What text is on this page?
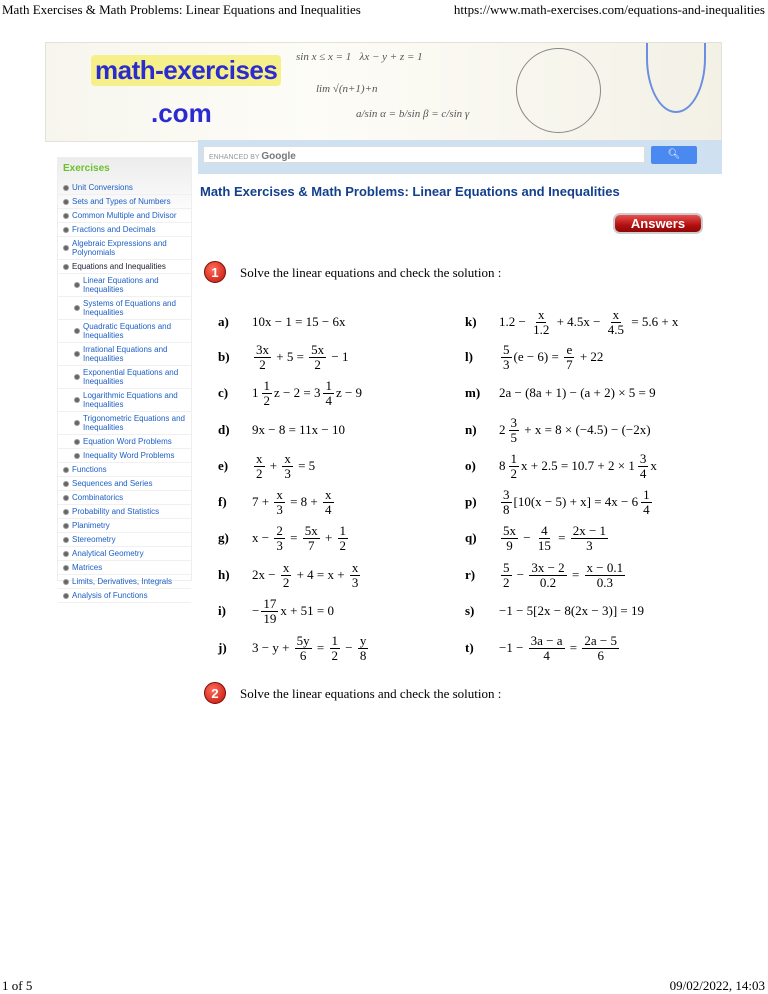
Math Exercises & Math Problems: Linear Equations and Inequalities	https://www.math-exercises.com/equations-and-inequalities
math-exercises
.com
sin x ≤ x = 1   λx − y + z = 1
lim √(n+1)+n
a/sin α = b/sin β = c/sin γ
Exercises
Unit Conversions
Sets and Types of Numbers
Common Multiple and Divisor
Fractions and Decimals
Algebraic Expressions and Polynomials
Equations and Inequalities
Linear Equations and Inequalities
Systems of Equations and Inequalities
Quadratic Equations and Inequalities
Irrational Equations and Inequalities
Exponential Equations and Inequalities
Logarithmic Equations and Inequalities
Trigonometric Equations and Inequalities
Equation Word Problems
Inequality Word Problems
Functions
Sequences and Series
Combinatorics
Probability and Statistics
Planimetry
Stereometry
Analytical Geometry
Matrices
Limits, Derivatives, Integrals
Analysis of Functions
ENHANCED BY Google	🔍︎
Math Exercises & Math Problems: Linear Equations and Inequalities
Answers
1	Solve the linear equations and check the solution :
a)	10x − 1 = 15 − 6x
b)	$\frac{3x}{2} + 5 = \frac{5x}{2} - 1$
c)	$1 \frac{1}{2}$ $z - 2 = 3 \frac{1}{4}$ z − 9
d)	9x − 8 = 11x − 10
e)	$\frac{x}{2} + \frac{x}{3} = 5$
f)	$7 + \frac{x}{3} = 8 + \frac{x}{4}$
g)	$x - \frac{2}{3} = \frac{5x}{7} + \frac{1}{2}$
h)	$2x - \frac{x}{2} + 4 = x + \frac{x}{3}$
i)	− $\frac{17}{19}$ x + 51 = 0
j)	$3 - y + \frac{5y}{6} = \frac{1}{2} - \frac{y}{8}$
k)	$1.2 - \frac{x}{1.2} + 4.5x - \frac{x}{4.5} = 5.6 + x$
l)	$\frac{5}{3} (e - 6) = \frac{e}{7} + 22$
m)	2a − (8a + 1) − (a + 2) × 5 = 9
n)	$2 \frac{3}{5} + x = 8 \times (-4.5) - (-2x)$
o)	$8 \frac{1}{2}$ $x + 2.5 = 10.7 + 2 \times 1 \frac{3}{4}$ x
p)	$\frac{3}{8} [10(x - 5) + x] = 4x - 6 \frac{1}{4}$
q)	$\frac{5x}{9} - \frac{4}{15} = \frac{2x - 1}{3}$
r)	$\frac{5}{2} - \frac{3x - 2}{0.2} = \frac{x - 0.1}{0.3}$
s)	−1 − 5[2x − 8(2x − 3)] = 19
t)	$-1 - \frac{3a - a}{4} = \frac{2a - 5}{6}$
2	Solve the linear equations and check the solution :
1 of 5	09/02/2022, 14:03
